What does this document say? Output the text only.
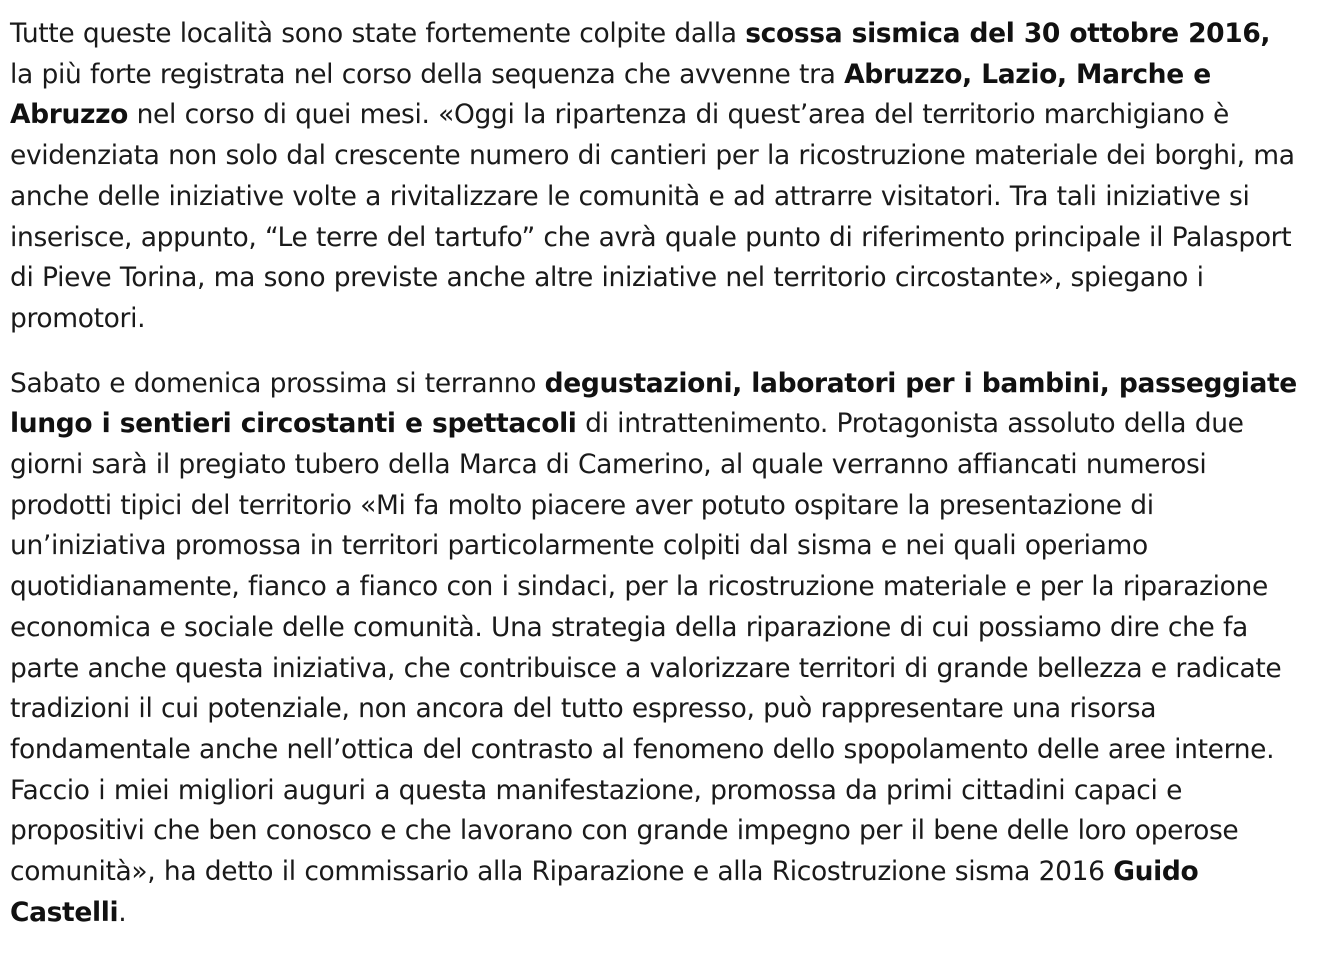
Tutte queste località sono state fortemente colpite dalla scossa sismica del 30 ottobre 2016, la più forte registrata nel corso della sequenza che avvenne tra Abruzzo, Lazio, Marche e Abruzzo nel corso di quei mesi. «Oggi la ripartenza di quest’area del territorio marchigiano è evidenziata non solo dal crescente numero di cantieri per la ricostruzione materiale dei borghi, ma anche delle iniziative volte a rivitalizzare le comunità e ad attrarre visitatori. Tra tali iniziative si inserisce, appunto, “Le terre del tartufo” che avrà quale punto di riferimento principale il Palasport di Pieve Torina, ma sono previste anche altre iniziative nel territorio circostante», spiegano i promotori.

Sabato e domenica prossima si terranno degustazioni, laboratori per i bambini, passeggiate lungo i sentieri circostanti e spettacoli di intrattenimento. Protagonista assoluto della due giorni sarà il pregiato tubero della Marca di Camerino, al quale verranno affiancati numerosi prodotti tipici del territorio «Mi fa molto piacere aver potuto ospitare la presentazione di un’iniziativa promossa in territori particolarmente colpiti dal sisma e nei quali operiamo quotidianamente, fianco a fianco con i sindaci, per la ricostruzione materiale e per la riparazione economica e sociale delle comunità. Una strategia della riparazione di cui possiamo dire che fa parte anche questa iniziativa, che contribuisce a valorizzare territori di grande bellezza e radicate tradizioni il cui potenziale, non ancora del tutto espresso, può rappresentare una risorsa fondamentale anche nell’ottica del contrasto al fenomeno dello spopolamento delle aree interne. Faccio i miei migliori auguri a questa manifestazione, promossa da primi cittadini capaci e propositivi che ben conosco e che lavorano con grande impegno per il bene delle loro operose comunità», ha detto il commissario alla Riparazione e alla Ricostruzione sisma 2016 Guido Castelli.
